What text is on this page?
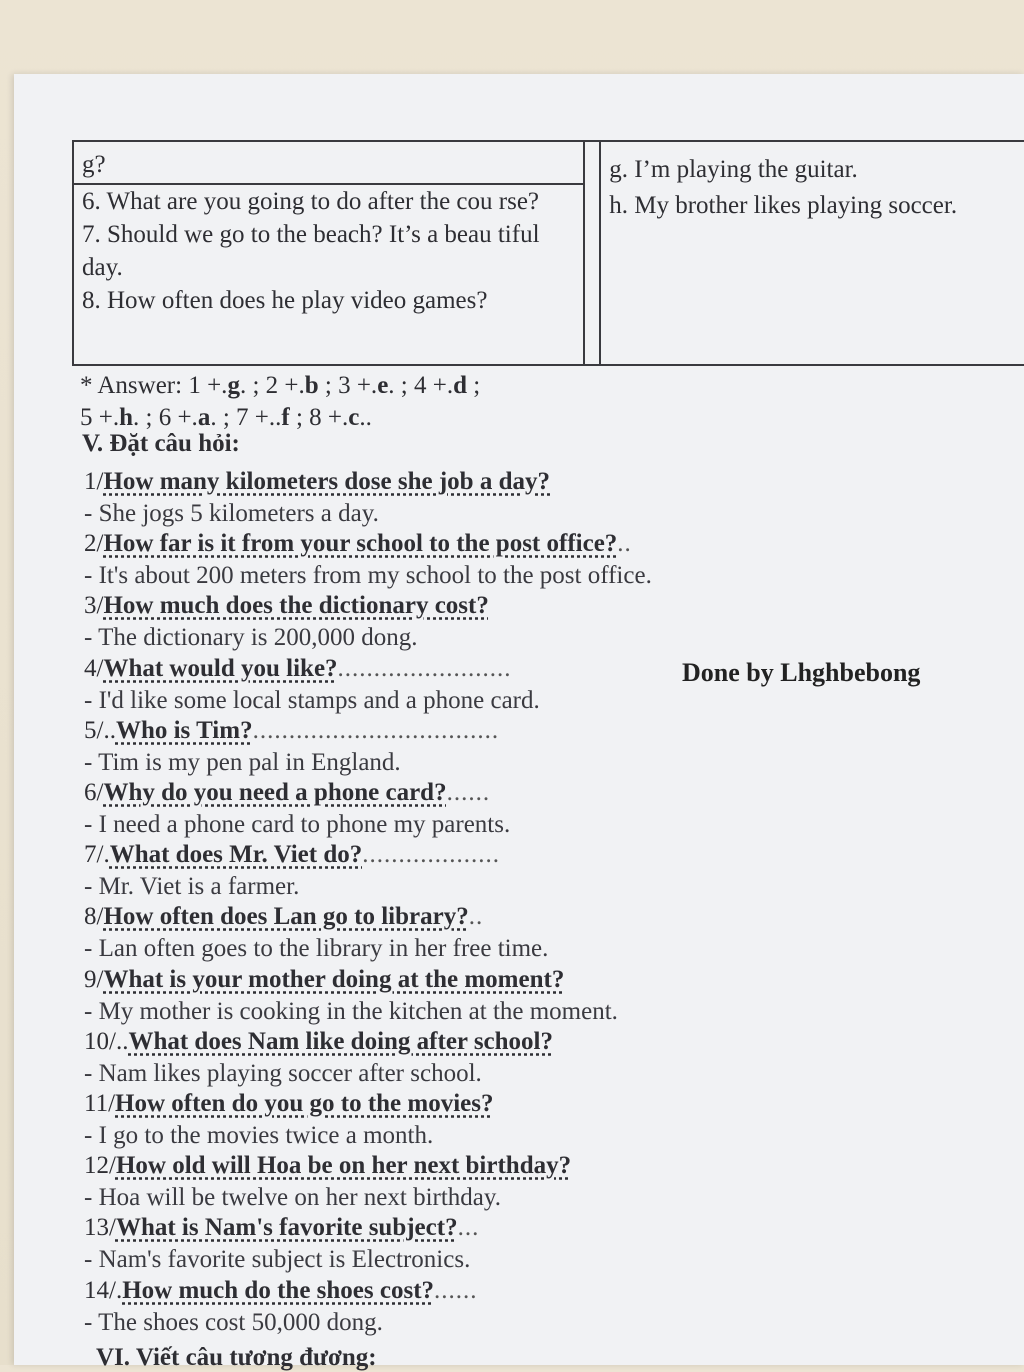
g?

6. What are you going to do after the cou rse?

7. Should we go to the beach? It’s a beau tiful day.

8. How often does he play video games?

g. I’m playing the guitar.

h. My brother likes playing soccer.

* Answer: 1 +.g. ; 2 +.b ; 3 +.e. ; 4 +.d ;
5 +.h. ; 6 +.a. ; 7 +..f ; 8 +.c..
V. Đặt câu hỏi:
1/How many kilometers dose she job a day?
- She jogs 5 kilometers a day.
2/How far is it from your school to the post office?..
- It's about 200 meters from my school to the post office.
3/How much does the dictionary cost?
- The dictionary is 200,000 dong.
4/What would you like?........................
- I'd like some local stamps and a phone card.
5/..Who is Tim?..................................
- Tim is my pen pal in England.
6/Why do you need a phone card?......
- I need a phone card to phone my parents.
7/.What does Mr. Viet do?...................
- Mr. Viet is a farmer.
8/How often does Lan go to library?..
- Lan often goes to the library in her free time.
9/What is your mother doing at the moment?
- My mother is cooking in the kitchen at the moment.
10/..What does Nam like doing after school?
- Nam likes playing soccer after school.
11/How often do you go to the movies?
- I go to the movies twice a month.
12/How old will Hoa be on her next birthday?
- Hoa will be twelve on her next birthday.
13/What is Nam's favorite subject?...
- Nam's favorite subject is Electronics.
14/.How much do the shoes cost?......
- The shoes cost 50,000 dong.
Done by Lhghbebong
VI. Viết câu tương đương:
